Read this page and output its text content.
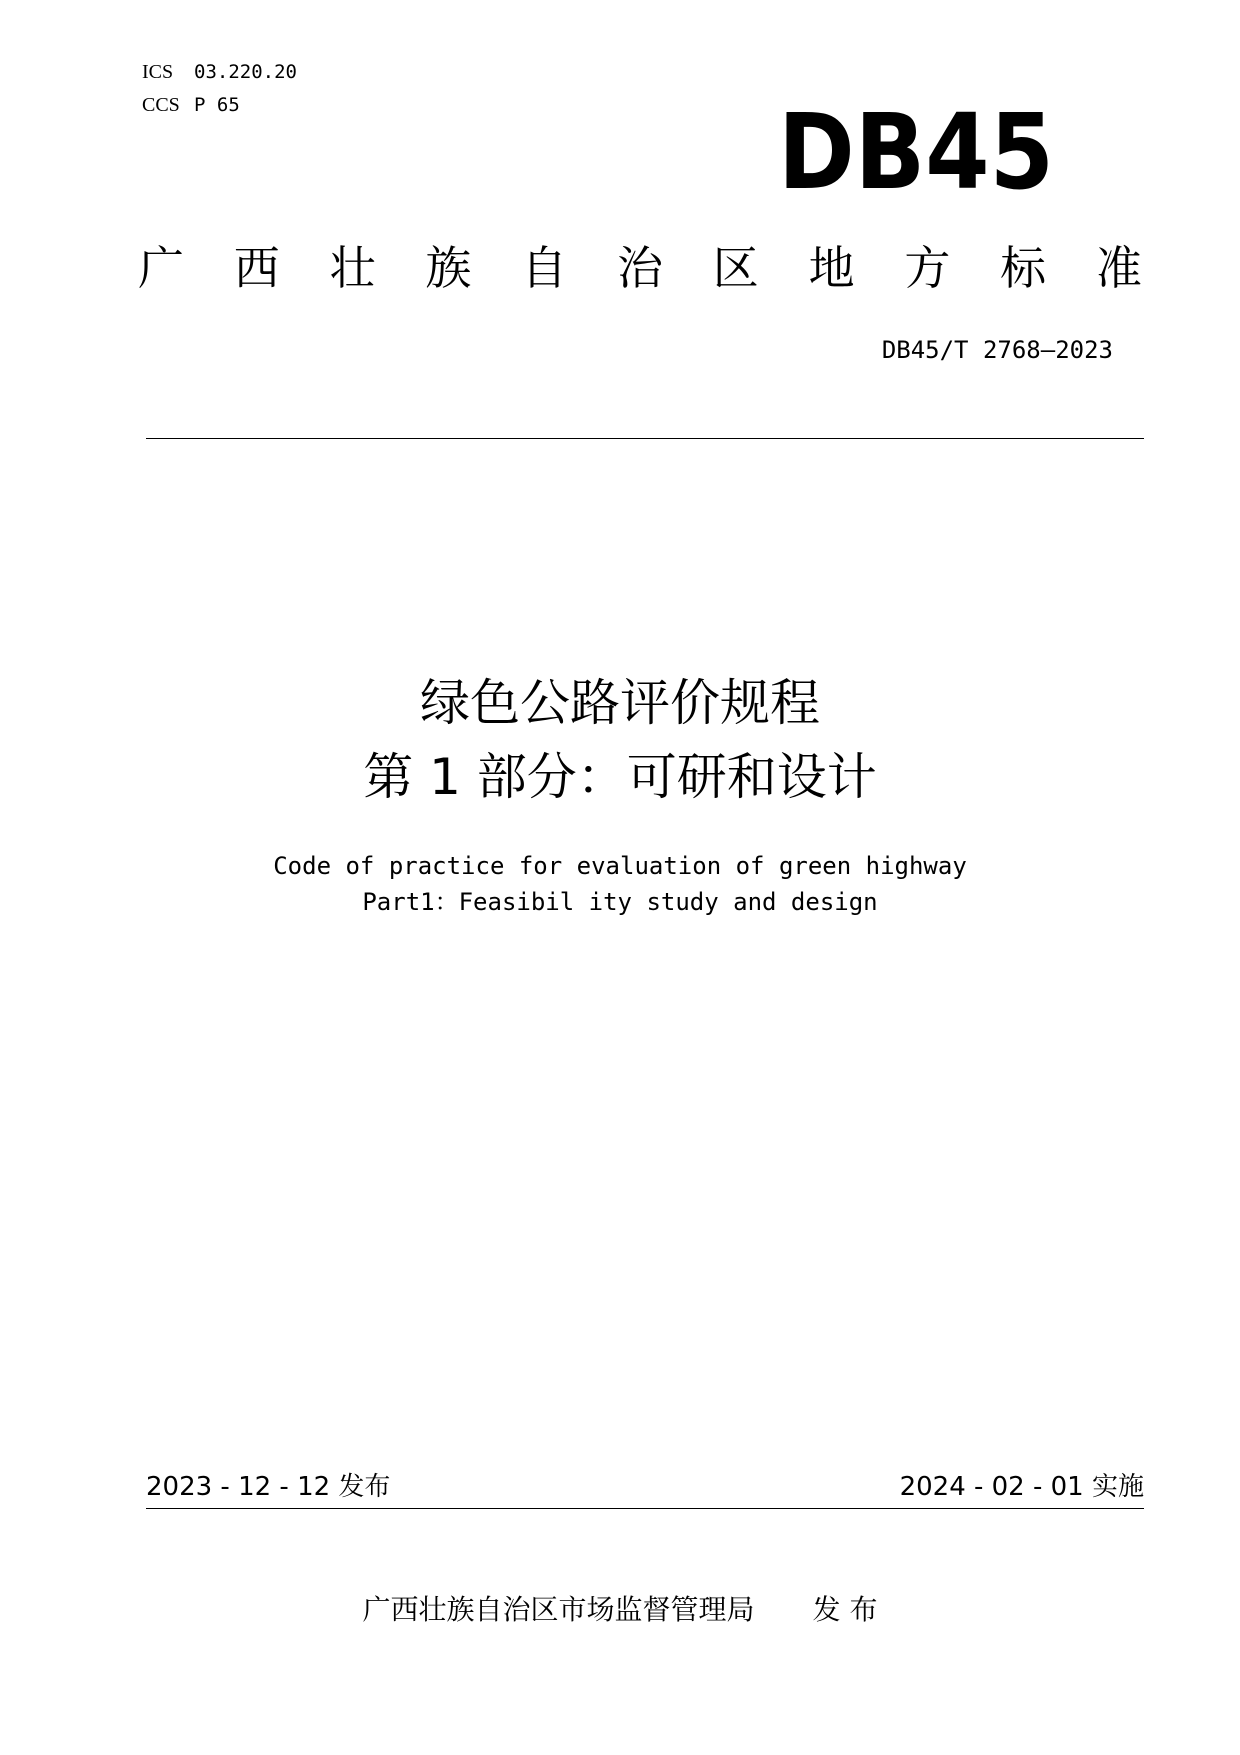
ICS 03.220.20
CCS P 65	DB45
广 西 壮 族 自 治 区 地 方 标 准
DB45/T 2768—2023
绿色公路评价规程
第 1 部分：可研和设计
Code of practice for evaluation of green highway
Part1：Feasibil ity study and design
2023 - 12 - 12 发布	2024 - 02 - 01 实施
广西壮族自治区市场监督管理局 发 布
